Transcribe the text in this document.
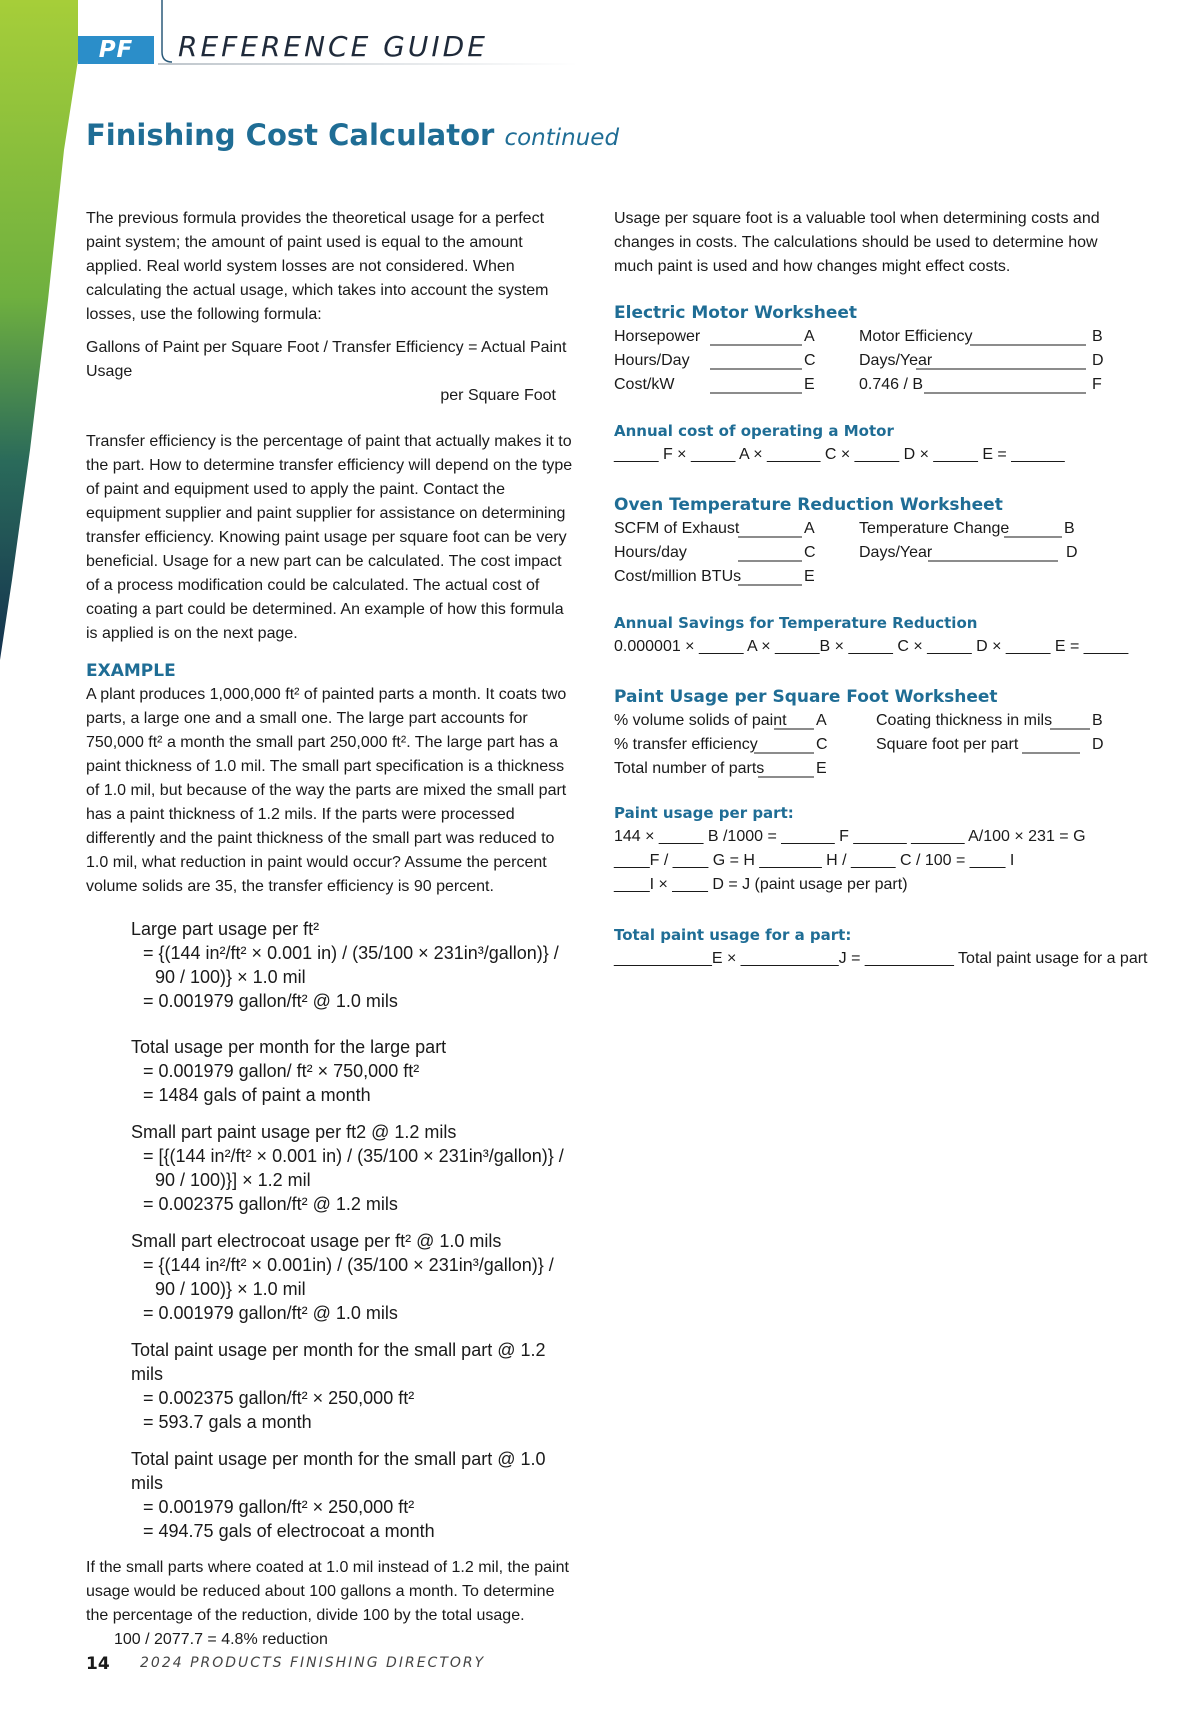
PF	REFERENCE GUIDE
Finishing Cost Calculator continued

The previous formula provides the theoretical usage for a perfect paint system; the amount of paint used is equal to the amount applied. Real world system losses are not considered. When calculating the actual usage, which takes into account the system losses, use the following formula:

Gallons of Paint per Square Foot / Transfer Efficiency = Actual Paint Usage
per Square Foot

Transfer efficiency is the percentage of paint that actually makes it to the part. How to determine transfer efficiency will depend on the type of paint and equipment used to apply the paint. Contact the equipment supplier and paint supplier for assistance on determining transfer efficiency. Knowing paint usage per square foot can be very beneficial. Usage for a new part can be calculated. The cost impact of a process modification could be calculated. The actual cost of coating a part could be determined. An example of how this formula is applied is on the next page.

EXAMPLE

A plant produces 1,000,000 ft² of painted parts a month. It coats two parts, a large one and a small one. The large part accounts for 750,000 ft² a month the small part 250,000 ft². The large part has a paint thickness of 1.0 mil. The small part specification is a thickness of 1.0 mil, but because of the way the parts are mixed the small part has a paint thickness of 1.2 mils. If the parts were processed differently and the paint thickness of the small part was reduced to 1.0 mil, what reduction in paint would occur? Assume the percent volume solids are 35, the transfer efficiency is 90 percent.

Large part usage per ft²
= {(144 in²/ft² × 0.001 in) / (35/100 × 231in³/gallon)} /
90 / 100)} × 1.0 mil
= 0.001979 gallon/ft² @ 1.0 mils
Total usage per month for the large part
= 0.001979 gallon/ ft² × 750,000 ft²
= 1484 gals of paint a month
Small part paint usage per ft2 @ 1.2 mils
= [{(144 in²/ft² × 0.001 in) / (35/100 × 231in³/gallon)} /
90 / 100)}] × 1.2 mil
= 0.002375 gallon/ft² @ 1.2 mils
Small part electrocoat usage per ft² @ 1.0 mils
= {(144 in²/ft² × 0.001in) / (35/100 × 231in³/gallon)} /
90 / 100)} × 1.0 mil
= 0.001979 gallon/ft² @ 1.0 mils
Total paint usage per month for the small part @ 1.2 mils
= 0.002375 gallon/ft² × 250,000 ft²
= 593.7 gals a month
Total paint usage per month for the small part @ 1.0 mils
= 0.001979 gallon/ft² × 250,000 ft²
= 494.75 gals of electrocoat a month

If the small parts where coated at 1.0 mil instead of 1.2 mil, the paint usage would be reduced about 100 gallons a month. To determine the percentage of the reduction, divide 100 by the total usage.

100 / 2077.7 = 4.8% reduction

Usage per square foot is a valuable tool when determining costs and changes in costs. The calculations should be used to determine how much paint is used and how changes might effect costs.

Electric Motor Worksheet
Horsepower	A	Motor Efficiency	B
Hours/Day	C	Days/Year	D
Cost/kW	E	0.746 / B	F
Annual cost of operating a Motor
_____ F × _____ A × ______ C × _____ D × _____ E = ______
Oven Temperature Reduction Worksheet
SCFM of Exhaust	A	Temperature Change	B
Hours/day	C	Days/Year	D
Cost/million BTUs	E
Annual Savings for Temperature Reduction
0.000001 × _____ A × _____B × _____ C × _____ D × _____ E = _____
Paint Usage per Square Foot Worksheet
% volume solids of paint A	Coating thickness in mils B
% transfer efficiency	C	Square foot per part	D
Total number of parts	E
Paint usage per part:
144 × _____ B /1000 = ______ F ______ ______ A/100 × 231 = G
____F / ____ G = H _______ H / _____ C / 100 = ____ I
____I × ____ D = J (paint usage per part)
Total paint usage for a part:
___________E × ___________J = __________ Total paint usage for a part
14 2024 PRODUCTS FINISHING DIRECTORY
